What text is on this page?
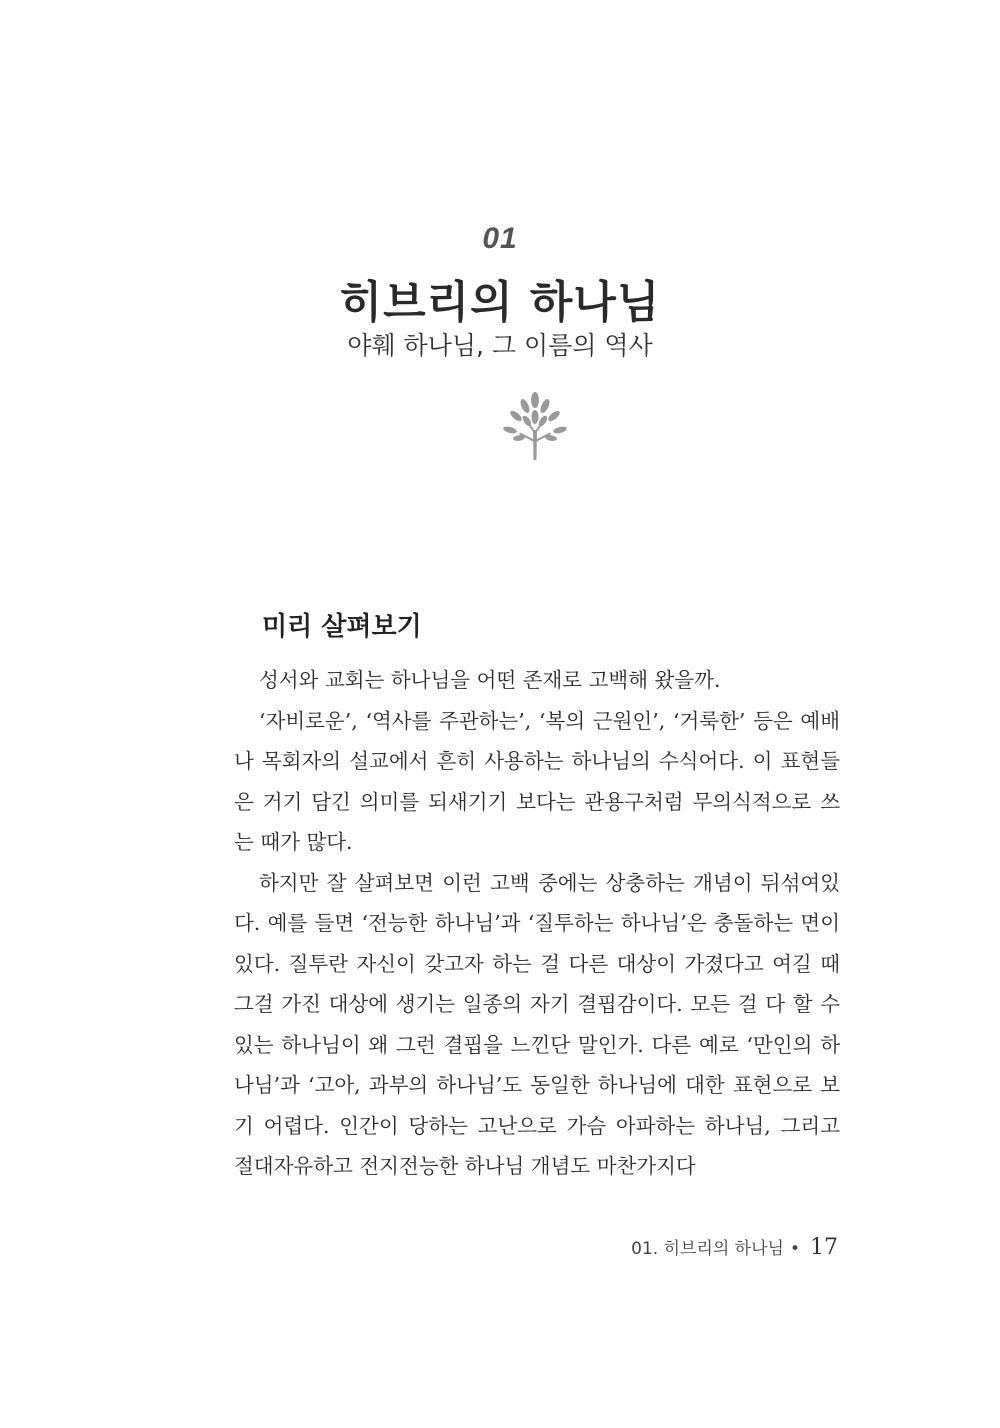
01
히브리의 하나님
야훼 하나님, 그 이름의 역사
미리 살펴보기

성서와 교회는 하나님을 어떤 존재로 고백해 왔을까.

‘자비로운’, ‘역사를 주관하는’, ‘복의 근원인’, ‘거룩한’ 등은 예배나 목회자의 설교에서 흔히 사용하는 하나님의 수식어다. 이 표현들은 거기 담긴 의미를 되새기기 보다는 관용구처럼 무의식적으로 쓰는 때가 많다.

하지만 잘 살펴보면 이런 고백 중에는 상충하는 개념이 뒤섞여있다. 예를 들면 ‘전능한 하나님’과 ‘질투하는 하나님’은 충돌하는 면이 있다. 질투란 자신이 갖고자 하는 걸 다른 대상이 가졌다고 여길 때 그걸 가진 대상에 생기는 일종의 자기 결핍감이다. 모든 걸 다 할 수 있는 하나님이 왜 그런 결핍을 느낀단 말인가. 다른 예로 ‘만인의 하나님’과 ‘고아, 과부의 하나님’도 동일한 하나님에 대한 표현으로 보기 어렵다. 인간이 당하는 고난으로 가슴 아파하는 하나님, 그리고 절대자유하고 전지전능한 하나님 개념도 마찬가지다

01. 히브리의 하나님 • 17
